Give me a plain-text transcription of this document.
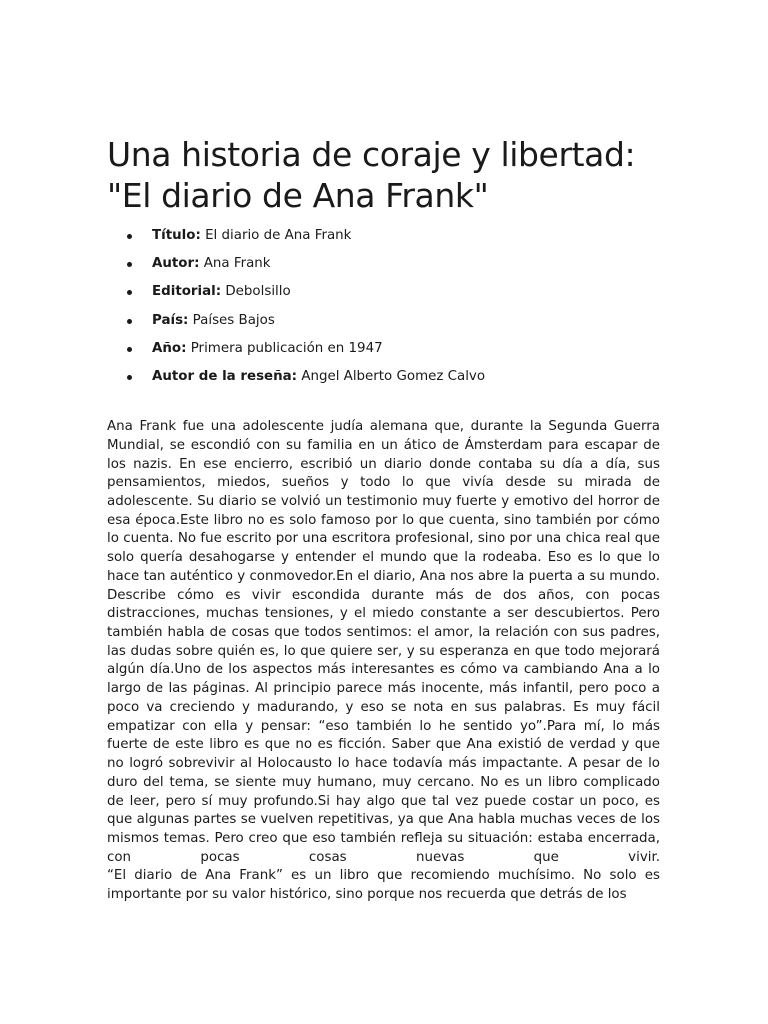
Una historia de coraje y libertad: "El diario de Ana Frank"
Título: El diario de Ana Frank
Autor: Ana Frank
Editorial: Debolsillo
País: Países Bajos
Año: Primera publicación en 1947
Autor de la reseña: Angel Alberto Gomez Calvo

Ana Frank fue una adolescente judía alemana que, durante la Segunda Guerra Mundial, se escondió con su familia en un ático de Ámsterdam para escapar de los nazis. En ese encierro, escribió un diario donde contaba su día a día, sus pensamientos, miedos, sueños y todo lo que vivía desde su mirada de adolescente. Su diario se volvió un testimonio muy fuerte y emotivo del horror de esa época.Este libro no es solo famoso por lo que cuenta, sino también por cómo lo cuenta. No fue escrito por una escritora profesional, sino por una chica real que solo quería desahogarse y entender el mundo que la rodeaba. Eso es lo que lo hace tan auténtico y conmovedor.En el diario, Ana nos abre la puerta a su mundo. Describe cómo es vivir escondida durante más de dos años, con pocas distracciones, muchas tensiones, y el miedo constante a ser descubiertos. Pero también habla de cosas que todos sentimos: el amor, la relación con sus padres, las dudas sobre quién es, lo que quiere ser, y su esperanza en que todo mejorará algún día.Uno de los aspectos más interesantes es cómo va cambiando Ana a lo largo de las páginas. Al principio parece más inocente, más infantil, pero poco a poco va creciendo y madurando, y eso se nota en sus palabras. Es muy fácil empatizar con ella y pensar: “eso también lo he sentido yo”.Para mí, lo más fuerte de este libro es que no es ficción. Saber que Ana existió de verdad y que no logró sobrevivir al Holocausto lo hace todavía más impactante. A pesar de lo duro del tema, se siente muy humano, muy cercano. No es un libro complicado de leer, pero sí muy profundo.Si hay algo que tal vez puede costar un poco, es que algunas partes se vuelven repetitivas, ya que Ana habla muchas veces de los mismos temas. Pero creo que eso también refleja su situación: estaba encerrada, con pocas cosas nuevas que vivir.

“El diario de Ana Frank” es un libro que recomiendo muchísimo. No solo es importante por su valor histórico, sino porque nos recuerda que detrás de los
